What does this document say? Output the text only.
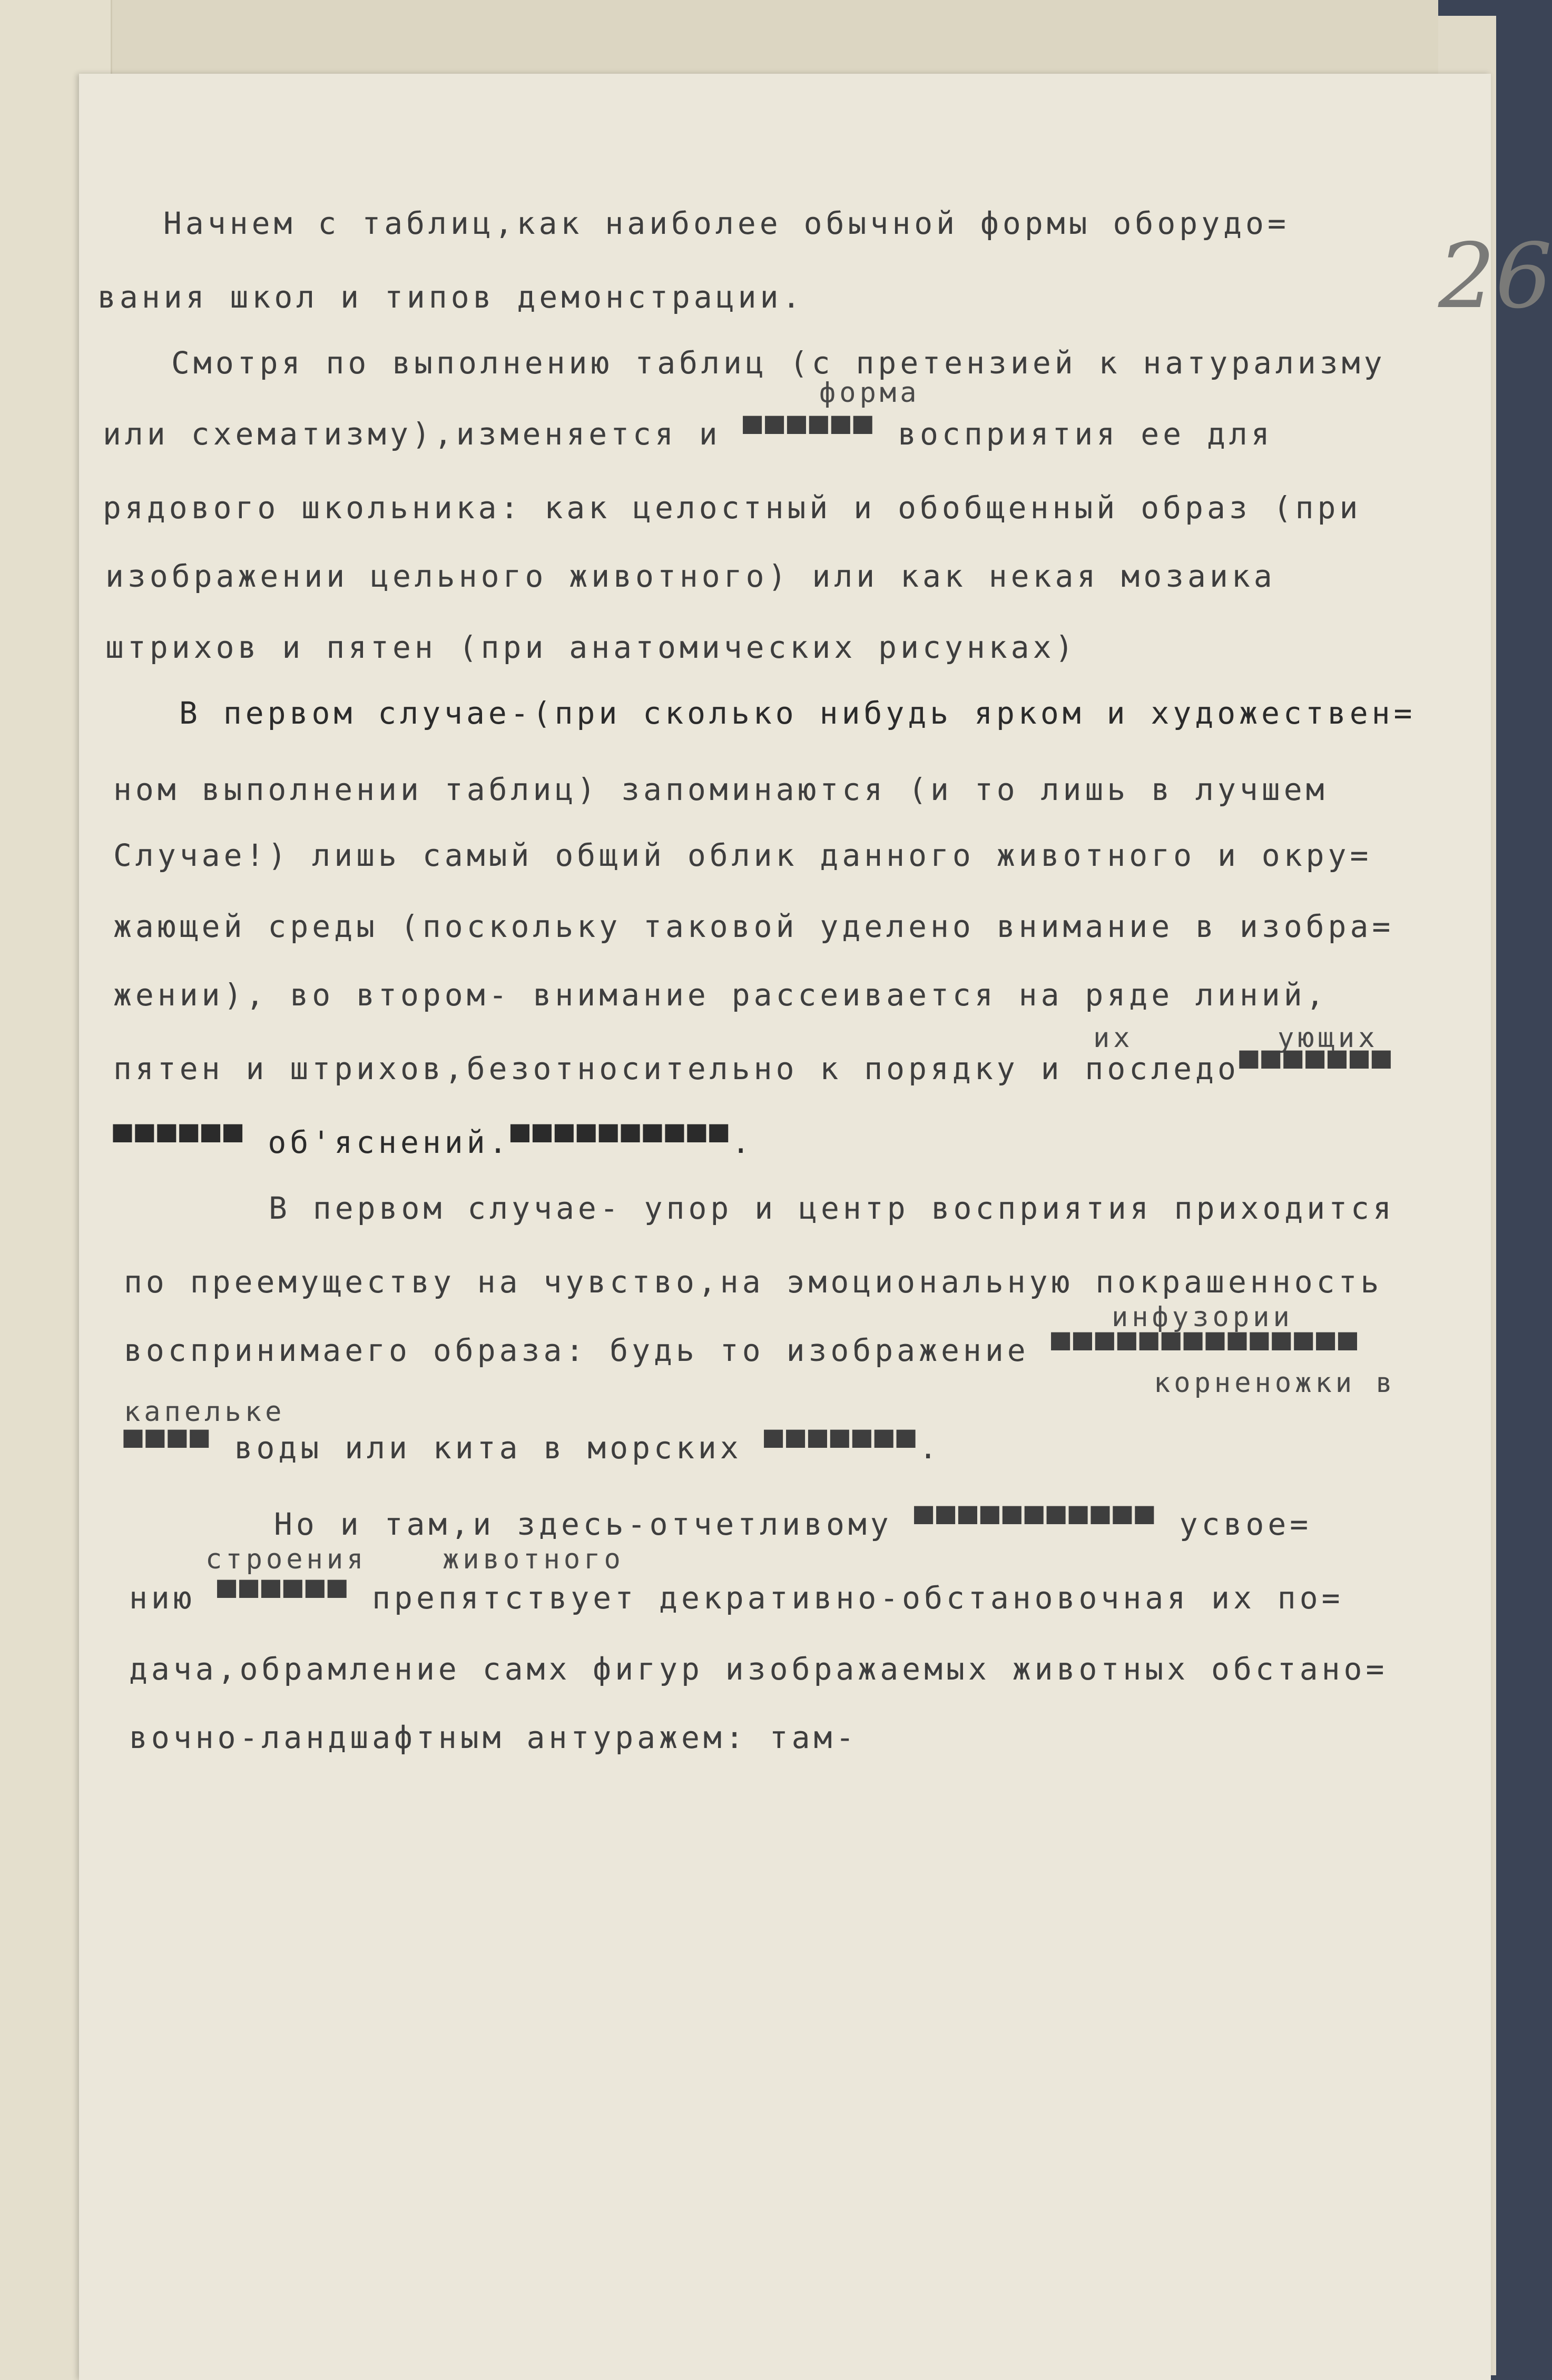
26
Начнем с таблиц,как наиболее обычной формы оборудо=
вания школ и типов демонстрации.
Смотря по выполнению таблиц (с претензией к натурализму
форма
или схематизму),изменяется и ▀▀▀▀▀▀ восприятия ее для
рядового школьника: как целостный и обобщенный образ (при
изображении цельного животного) или как некая мозаика
штрихов и пятен (при анатомических рисунках)
В первом случае-(при сколько нибудь ярком и художествен=
ном выполнении таблиц) запоминаются (и то лишь в лучшем
Случае!) лишь самый общий облик данного животного и окру=
жающей среды (поскольку таковой уделено внимание в изобра=
жении), во втором- внимание рассеивается на ряде линий,
их	ующих
пятен и штрихов,безотносительно к порядку и последо▀▀▀▀▀▀▀
▀▀▀▀▀▀ об'яснений.▀▀▀▀▀▀▀▀▀▀.
В первом случае- упор и центр восприятия приходится
по преемуществу на чувство,на эмоциональную покрашенность
инфузории
воспринимаего образа: будь то изображение ▀▀▀▀▀▀▀▀▀▀▀▀▀▀
корненожки в
капельке
▀▀▀▀ воды или кита в морских ▀▀▀▀▀▀▀.
Но и там,и здесь-отчетливому ▀▀▀▀▀▀▀▀▀▀▀ усвое=
строения	животного
нию ▀▀▀▀▀▀ препятствует декративно-обстановочная их по=
дача,обрамление самх фигур изображаемых животных обстано=
вочно-ландшафтным антуражем: там-
